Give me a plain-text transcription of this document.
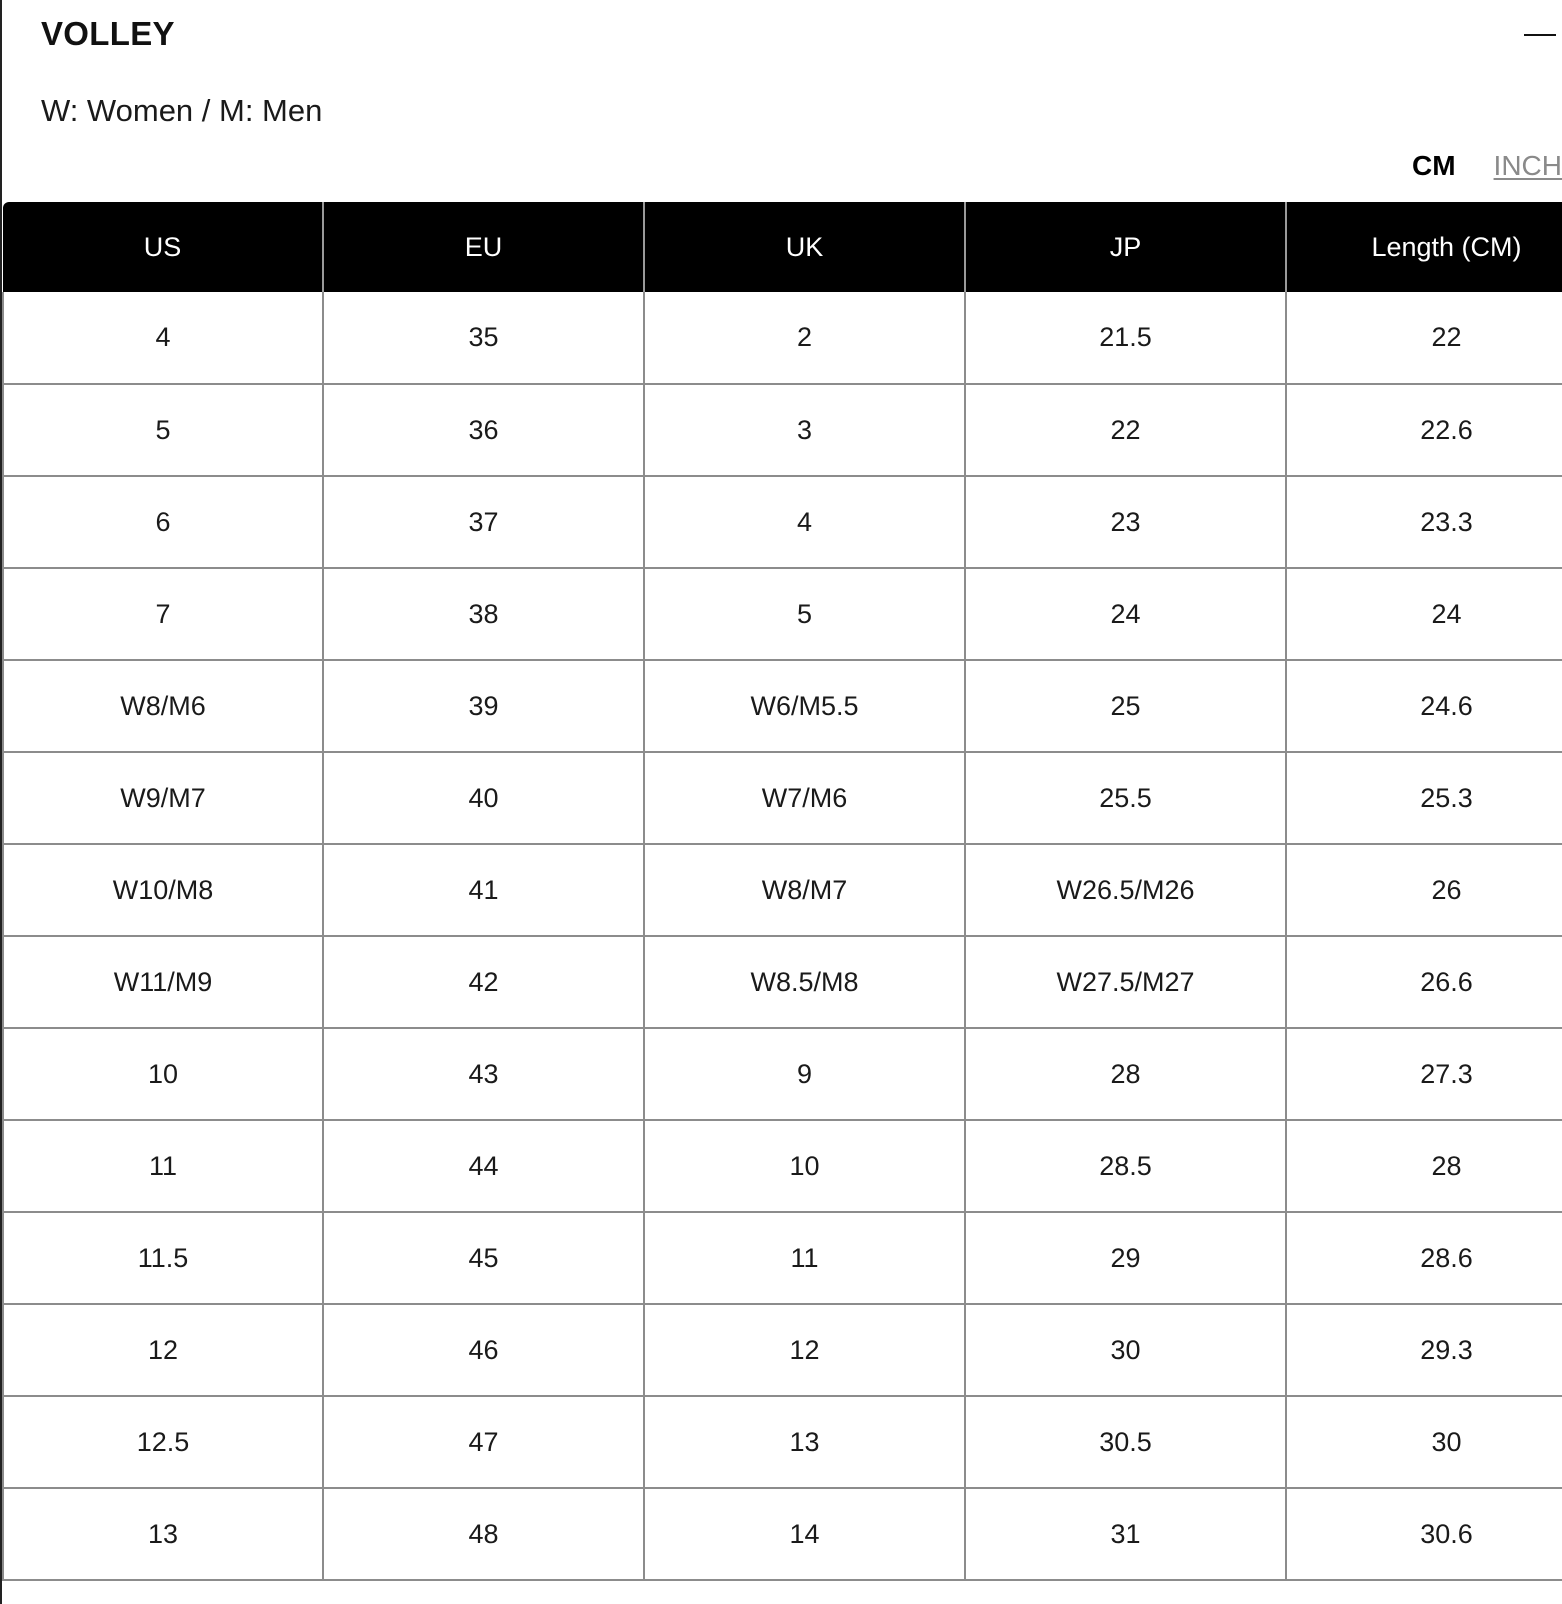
VOLLEY
W: Women / M: Men
CM INCH
US	EU	UK	JP	Length (CM)
4	35	2	21.5	22
5	36	3	22	22.6
6	37	4	23	23.3
7	38	5	24	24
W8/M6	39	W6/M5.5	25	24.6
W9/M7	40	W7/M6	25.5	25.3
W10/M8	41	W8/M7	W26.5/M26	26
W11/M9	42	W8.5/M8	W27.5/M27	26.6
10	43	9	28	27.3
11	44	10	28.5	28
11.5	45	11	29	28.6
12	46	12	30	29.3
12.5	47	13	30.5	30
13	48	14	31	30.6
